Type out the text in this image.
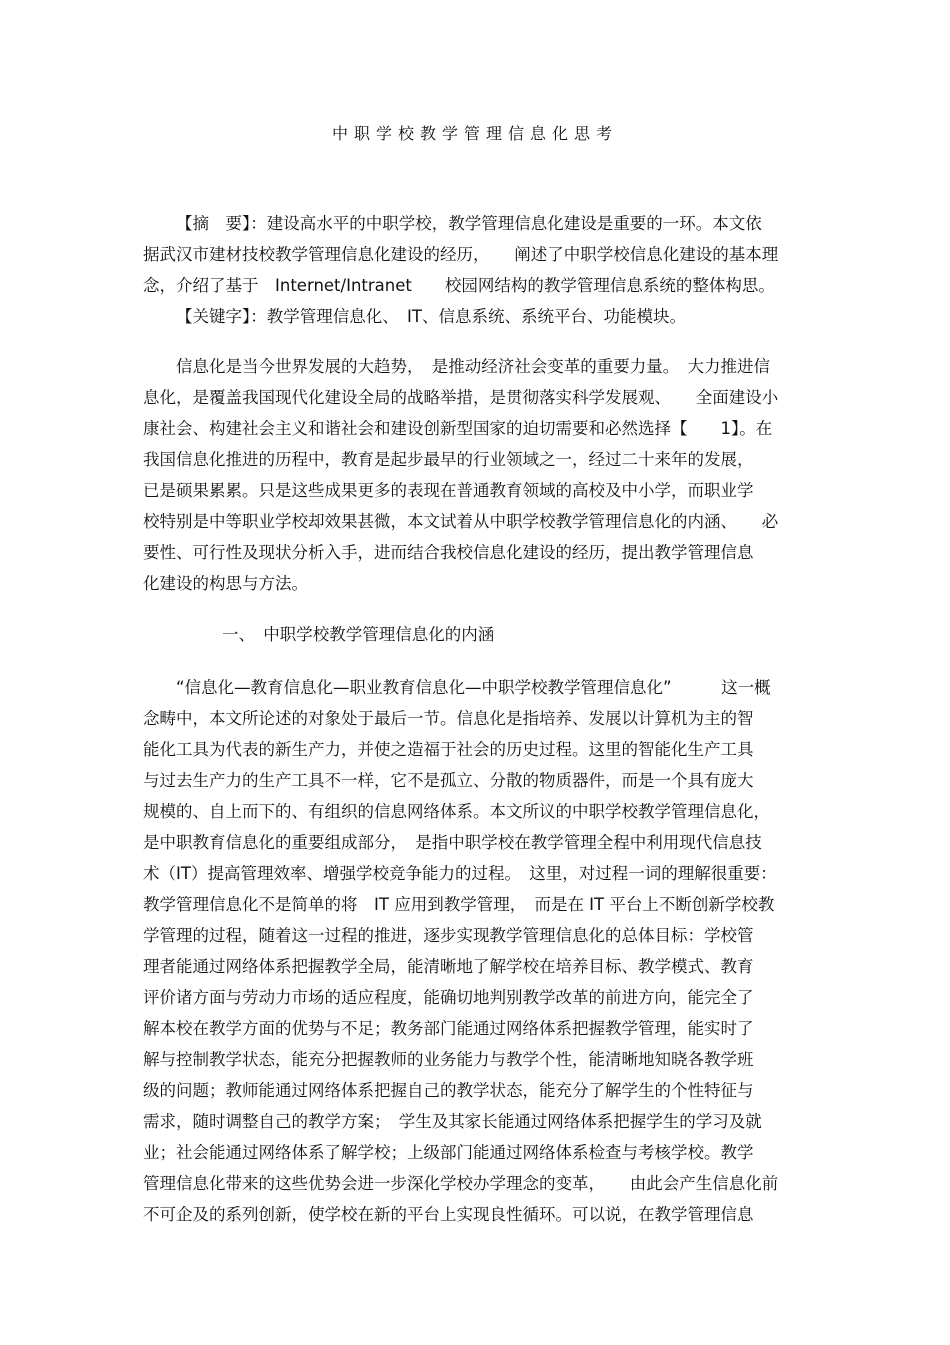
中职学校教学管理信息化思考
【摘　要】：建设高水平的中职学校，教学管理信息化建设是重要的一环。本文依
据武汉市建材技校教学管理信息化建设的经历，　　阐述了中职学校信息化建设的基本理
念，介绍了基于　Internet/Intranet　　校园网结构的教学管理信息系统的整体构思。
【关键字】：教学管理信息化、　IT、信息系统、系统平台、功能模块。
信息化是当今世界发展的大趋势，　是推动经济社会变革的重要力量。　大力推进信
息化，是覆盖我国现代化建设全局的战略举措，是贯彻落实科学发展观、　　全面建设小
康社会、构建社会主义和谐社会和建设创新型国家的迫切需要和必然选择【　　1】。在
我国信息化推进的历程中，教育是起步最早的行业领域之一，经过二十来年的发展，
已是硕果累累。只是这些成果更多的表现在普通教育领域的高校及中小学，而职业学
校特别是中等职业学校却效果甚微，本文试着从中职学校教学管理信息化的内涵、　　必
要性、可行性及现状分析入手，进而结合我校信息化建设的经历，提出教学管理信息
化建设的构思与方法。
一、　中职学校教学管理信息化的内涵
“信息化—教育信息化—职业教育信息化—中职学校教学管理信息化”　　　这一概
念畴中，本文所论述的对象处于最后一节。信息化是指培养、发展以计算机为主的智
能化工具为代表的新生产力，并使之造福于社会的历史过程。这里的智能化生产工具
与过去生产力的生产工具不一样，它不是孤立、分散的物质器件，而是一个具有庞大
规模的、自上而下的、有组织的信息网络体系。本文所议的中职学校教学管理信息化，
是中职教育信息化的重要组成部分，　是指中职学校在教学管理全程中利用现代信息技
术（IT）提高管理效率、增强学校竞争能力的过程。　这里，对过程一词的理解很重要：
教学管理信息化不是简单的将　IT 应用到教学管理，　而是在 IT 平台上不断创新学校教
学管理的过程，随着这一过程的推进，逐步实现教学管理信息化的总体目标：学校管
理者能通过网络体系把握教学全局，能清晰地了解学校在培养目标、教学模式、教育
评价诸方面与劳动力市场的适应程度，能确切地判别教学改革的前进方向，能完全了
解本校在教学方面的优势与不足；教务部门能通过网络体系把握教学管理，能实时了
解与控制教学状态，能充分把握教师的业务能力与教学个性，能清晰地知晓各教学班
级的问题；教师能通过网络体系把握自己的教学状态，能充分了解学生的个性特征与
需求，随时调整自己的教学方案；　学生及其家长能通过网络体系把握学生的学习及就
业；社会能通过网络体系了解学校；上级部门能通过网络体系检查与考核学校。教学
管理信息化带来的这些优势会进一步深化学校办学理念的变革，　　由此会产生信息化前
不可企及的系列创新，使学校在新的平台上实现良性循环。可以说，在教学管理信息
